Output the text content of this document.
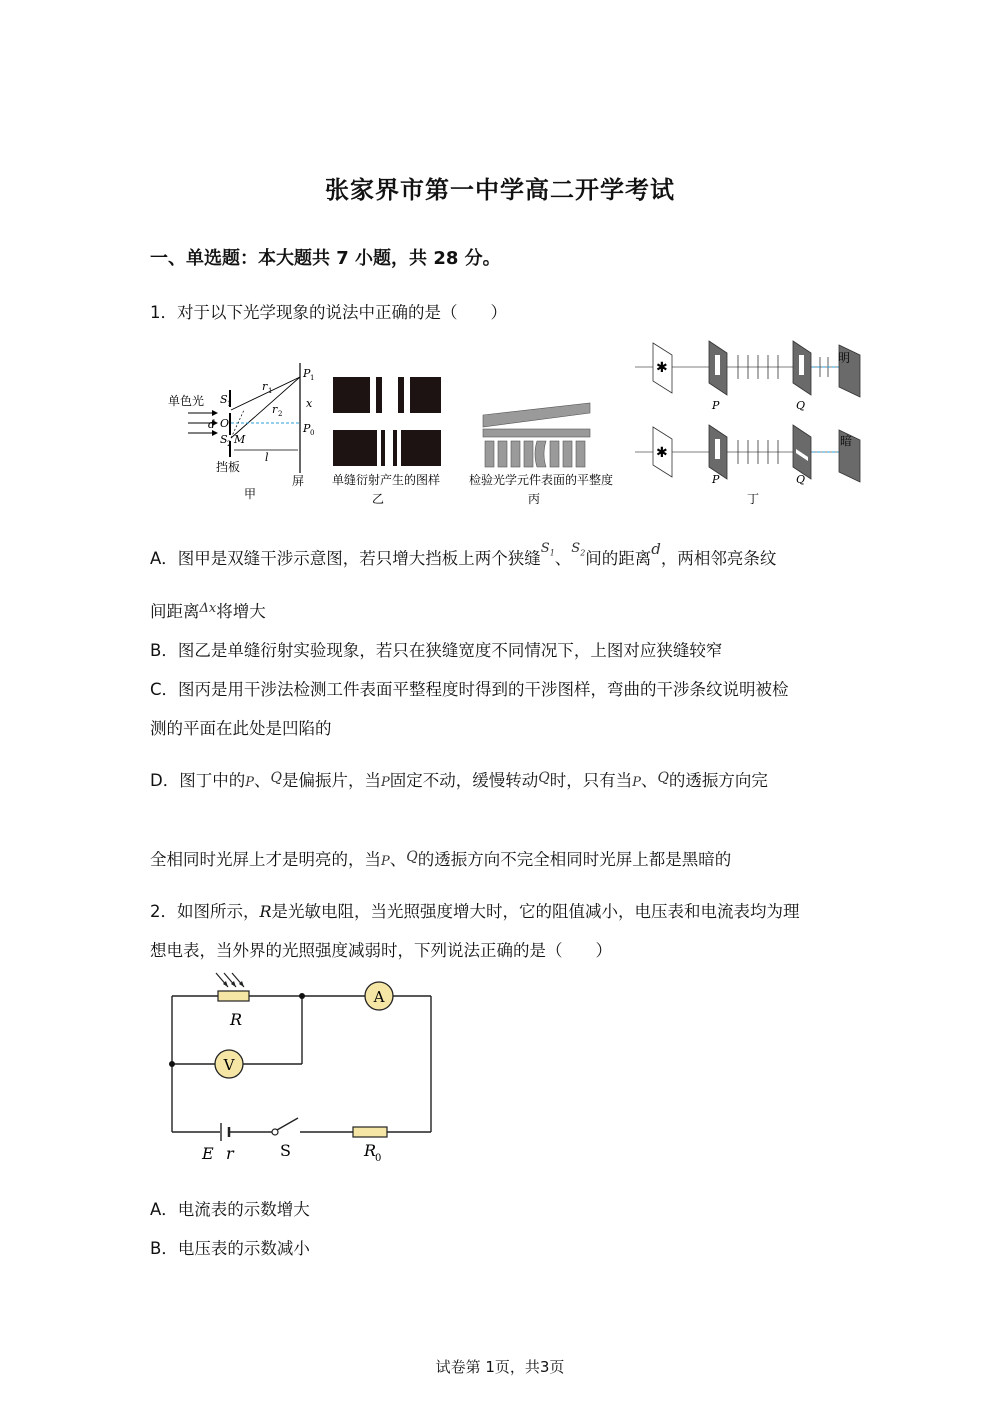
张家界市第一中学高二开学考试
一、单选题：本大题共 7 小题，共 28 分。
1．对于以下光学现象的说法中正确的是（　　）
单色光 S 1
S 2
d O
M
r 1
r 2
P 1
P 0
x
l
挡板
屏
甲
单缝衍射产生的图样
乙
检验光学元件表面的平整度
丙
✱
P	Q
明
✱
P	Q
暗
丁
A．图甲是双缝干涉示意图，若只增大挡板上两个狭缝$^{S_1}$、$^{S_2}$间的距离d，两相邻亮条纹
间距离$^{\Delta x}$将增大
B．图乙是单缝衍射实验现象，若只在狭缝宽度不同情况下，上图对应狭缝较窄
C．图丙是用干涉法检测工件表面平整程度时得到的干涉图样，弯曲的干涉条纹说明被检
测的平面在此处是凹陷的
D．图丁中的P、$^Q$是偏振片，当P固定不动，缓慢转动$^Q$时，只有当P、$^Q$的透振方向完
全相同时光屏上才是明亮的，当P、$^Q$的透振方向不完全相同时光屏上都是黑暗的
2．如图所示，R是光敏电阻，当光照强度增大时，它的阻值减小，电压表和电流表均为理
想电表，当外界的光照强度减弱时，下列说法正确的是（　　）
R
A
V
E r	S	R
0
A．电流表的示数增大
B．电压表的示数减小
试卷第 1页，共3页
